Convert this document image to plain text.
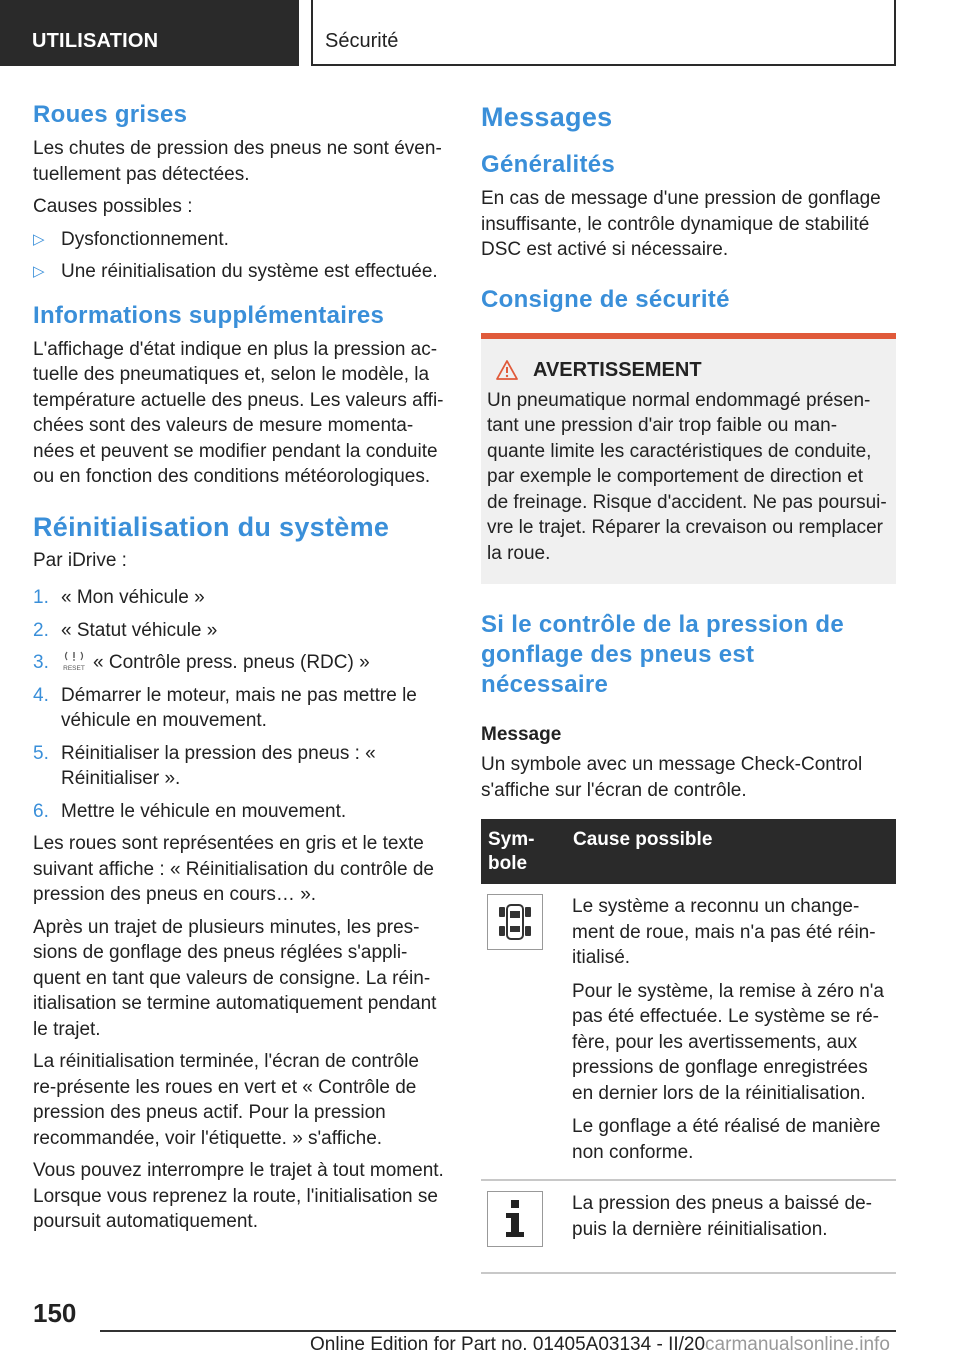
UTILISATION	Sécurité
Roues grises

Les chutes de pression des pneus ne sont éven-tuellement pas détectées.

Causes possibles :

▷ Dysfonctionnement.
▷ Une réinitialisation du système est effectuée.
Informations supplémentaires

L'affichage d'état indique en plus la pression ac-tuelle des pneumatiques et, selon le modèle, la température actuelle des pneus. Les valeurs affi-chées sont des valeurs de mesure momenta-nées et peuvent se modifier pendant la conduite ou en fonction des conditions météorologiques.

Réinitialisation du système

Par iDrive :

1. « Mon véhicule »
2. « Statut véhicule »
3. RESET « Contrôle press. pneus (RDC) »
4. Démarrer le moteur, mais ne pas mettre le véhicule en mouvement.
5. Réinitialiser la pression des pneus : « Réinitialiser ».
6. Mettre le véhicule en mouvement.

Les roues sont représentées en gris et le texte suivant affiche : « Réinitialisation du contrôle de pression des pneus en cours… ».

Après un trajet de plusieurs minutes, les pres-sions de gonflage des pneus réglées s'appli-quent en tant que valeurs de consigne. La réin-itialisation se termine automatiquement pendant le trajet.

La réinitialisation terminée, l'écran de contrôle re-présente les roues en vert et « Contrôle de pression des pneus actif. Pour la pression recommandée, voir l'étiquette. » s'affiche.

Vous pouvez interrompre le trajet à tout moment. Lorsque vous reprenez la route, l'initialisation se poursuit automatiquement.

Messages
Généralités

En cas de message d'une pression de gonflage insuffisante, le contrôle dynamique de stabilité DSC est activé si nécessaire.

Consigne de sécurité
AVERTISSEMENT

Un pneumatique normal endommagé présen-tant une pression d'air trop faible ou man-quante limite les caractéristiques de conduite, par exemple le comportement de direction et de freinage. Risque d'accident. Ne pas poursui-vre le trajet. Réparer la crevaison ou remplacer la roue.

Si le contrôle de la pression de gonflage des pneus est nécessaire
Message

Un symbole avec un message Check-Control s'affiche sur l'écran de contrôle.

Sym-bole	Cause possible

Le système a reconnu un change-ment de roue, mais n'a pas été réin-itialisé.

Pour le système, la remise à zéro n'a pas été effectuée. Le système se ré-fère, pour les avertissements, aux pressions de gonflage enregistrées en dernier lors de la réinitialisation.

Le gonflage a été réalisé de manière non conforme.

La pression des pneus a baissé de-puis la dernière réinitialisation.

150
Online Edition for Part no. 01405A03134 - II/20carmanualsonline.info
